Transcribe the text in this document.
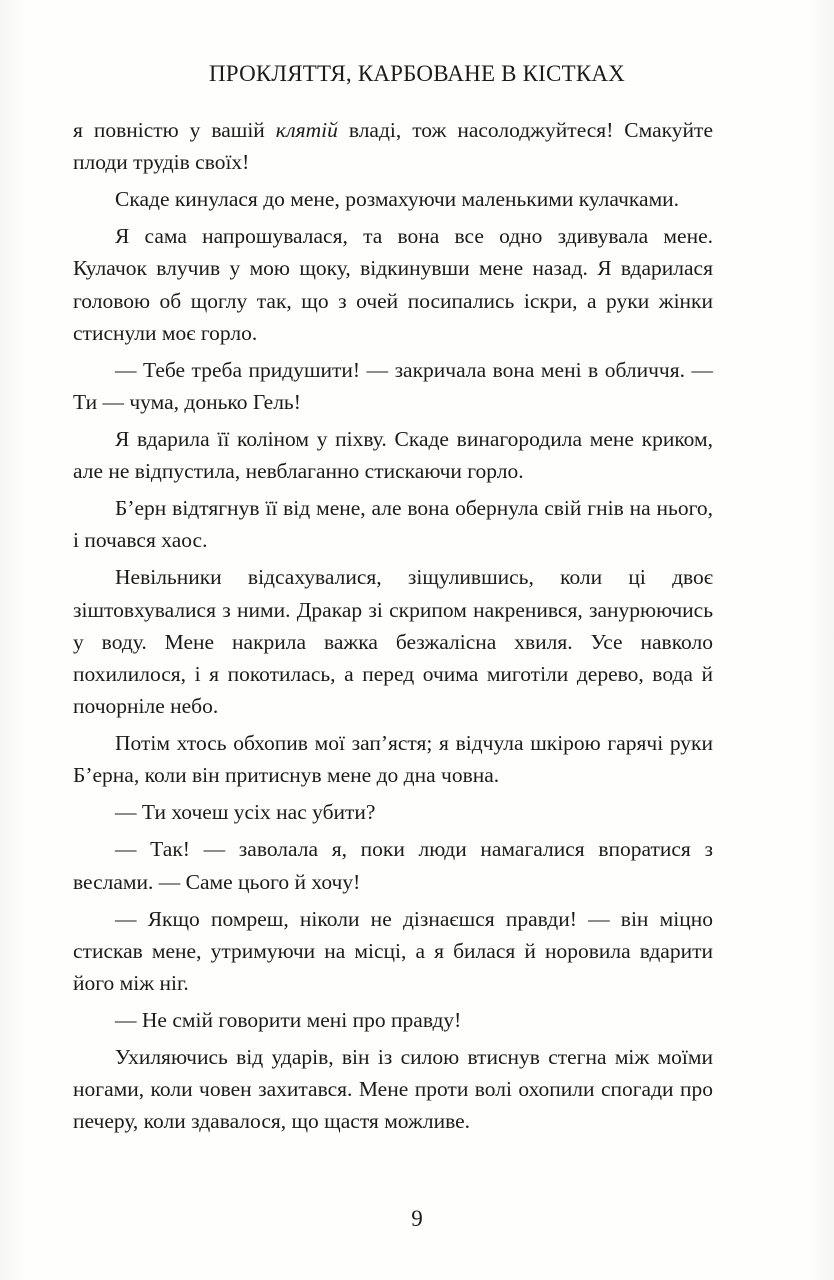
ПРОКЛЯТТЯ, КАРБОВАНЕ В КІСТКАХ

я повністю у вашій клятій владі, тож насолоджуйтеся! Смакуйте плоди трудів своїх!

Скаде кинулася до мене, розмахуючи маленькими кулачками.

Я сама напрошувалася, та вона все одно здивувала мене. Кулачок влучив у мою щоку, відкинувши мене назад. Я вдарилася головою об щоглу так, що з очей посипались іскри, а руки жінки стиснули моє горло.

— Тебе треба придушити! — закричала вона мені в обличчя. — Ти — чума, донько Гель!

Я вдарила її коліном у піхву. Скаде винагородила мене криком, але не відпустила, невблаганно стискаючи горло.

Б’ерн відтягнув її від мене, але вона обернула свій гнів на нього, і почався хаос.

Невільники відсахувалися, зіщулившись, коли ці двоє зіштовхувалися з ними. Дракар зі скрипом накренився, занурюючись у воду. Мене накрила важка безжалісна хвиля. Усе навколо похилилося, і я покотилась, а перед очима миготіли дерево, вода й почорніле небо.

Потім хтось обхопив мої зап’ястя; я відчула шкірою гарячі руки Б’ерна, коли він притиснув мене до дна човна.

— Ти хочеш усіх нас убити?

— Так! — заволала я, поки люди намагалися впоратися з веслами. — Саме цього й хочу!

— Якщо помреш, ніколи не дізнаєшся правди! — він міцно стискав мене, утримуючи на місці, а я билася й норовила вдарити його між ніг.

— Не смій говорити мені про правду!

Ухиляючись від ударів, він із силою втиснув стегна між моїми ногами, коли човен захитався. Мене проти волі охопили спогади про печеру, коли здавалося, що щастя можливе.

9
